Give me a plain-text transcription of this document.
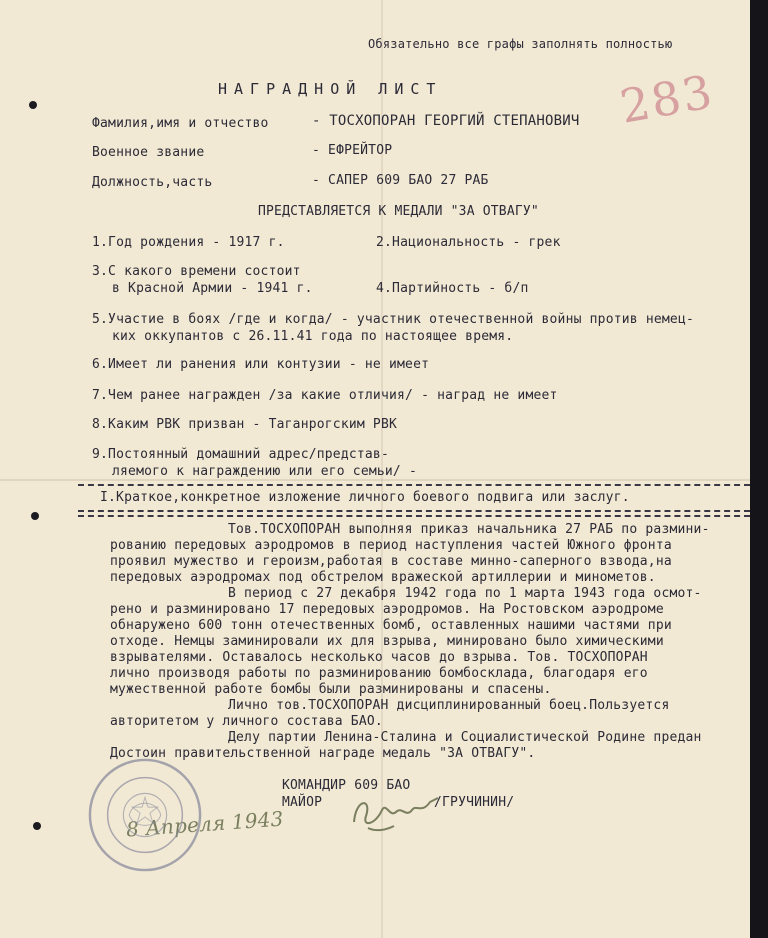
Обязательно все графы заполнять полностью
283
НАГРАДНОЙ ЛИСТ
Фамилия,имя и отчество	- ТОСХОПОРАН ГЕОРГИЙ СТЕПАНОВИЧ
Военное звание	- ЕФРЕЙТОР
Должность,часть	- САПЕР 609 БАО 27 РАБ
ПРЕДСТАВЛЯЕТСЯ К МЕДАЛИ "ЗА ОТВАГУ"
1.Год рождения - 1917 г.	2.Национальность - грек
3.С какого времени состоит
в Красной Армии - 1941 г.	4.Партийность - б/п
5.Участие в боях /где и когда/ - участник отечественной войны против немец-
ких оккупантов с 26.11.41 года по настоящее время.
6.Имеет ли ранения или контузии - не имеет
7.Чем ранее награжден /за какие отличия/ - наград не имеет
8.Каким РВК призван - Таганрогским РВК
9.Постоянный домашний адрес/представ-
ляемого к награждению или его семьи/ -
I.Краткое,конкретное изложение личного боевого подвига или заслуг.
Тов.ТОСХОПОРАН выполняя приказ начальника 27 РАБ по размини-
рованию передовых аэродромов в период наступления частей Южного фронта
проявил мужество и героизм,работая в составе минно-саперного взвода,на
передовых аэродромах под обстрелом вражеской артиллерии и минометов.
В период с 27 декабря 1942 года по 1 марта 1943 года осмот-
рено и разминировано 17 передовых аэродромов. На Ростовском аэродроме
обнаружено 600 тонн отечественных бомб, оставленных нашими частями при
отходе. Немцы заминировали их для взрыва, минировано было химическими
взрывателями. Оставалось несколько часов до взрыва. Тов. ТОСХОПОРАН
лично производя работы по разминированию бомбосклада, благодаря его
мужественной работе бомбы были разминированы и спасены.
Лично тов.ТОСХОПОРАН дисциплинированный боец.Пользуется
авторитетом у личного состава БАО.
Делу партии Ленина-Сталина и Социалистической Родине предан
Достоин правительственной награде медаль "ЗА ОТВАГУ".
КОМАНДИР 609 БАО
МАЙОР	/ГРУЧИНИН/
8 Апреля 1943
